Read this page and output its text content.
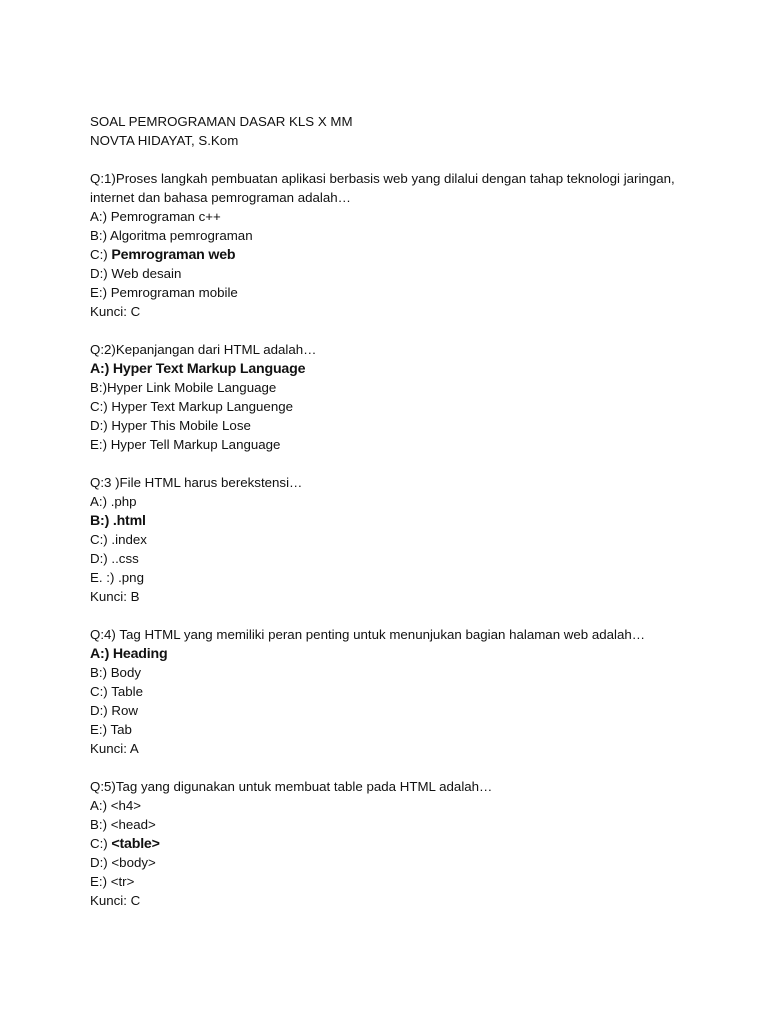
SOAL PEMROGRAMAN DASAR KLS X MM
NOVTA HIDAYAT, S.Kom
Q:1)Proses langkah pembuatan aplikasi berbasis web yang dilalui dengan tahap teknologi jaringan, internet dan bahasa pemrograman adalah…
A:) Pemrograman c++
B:) Algoritma pemrograman
C:) Pemrograman web
D:) Web desain
E:) Pemrograman mobile
Kunci: C
Q:2)Kepanjangan dari HTML adalah…
A:) Hyper Text Markup Language
B:)Hyper Link Mobile Language
C:) Hyper Text Markup Languenge
D:) Hyper This Mobile Lose
E:) Hyper Tell Markup Language
Q:3 )File HTML harus berekstensi…
A:) .php
B:) .html
C:) .index
D:) ..css
E. :) .png
Kunci: B
Q:4) Tag HTML yang memiliki peran penting untuk menunjukan bagian halaman web adalah…
A:) Heading
B:) Body
C:) Table
D:) Row
E:) Tab
Kunci: A
Q:5)Tag yang digunakan untuk membuat table pada HTML adalah…
A:) <h4>
B:) <head>
C:) <table>
D:) <body>
E:) <tr>
Kunci: C
